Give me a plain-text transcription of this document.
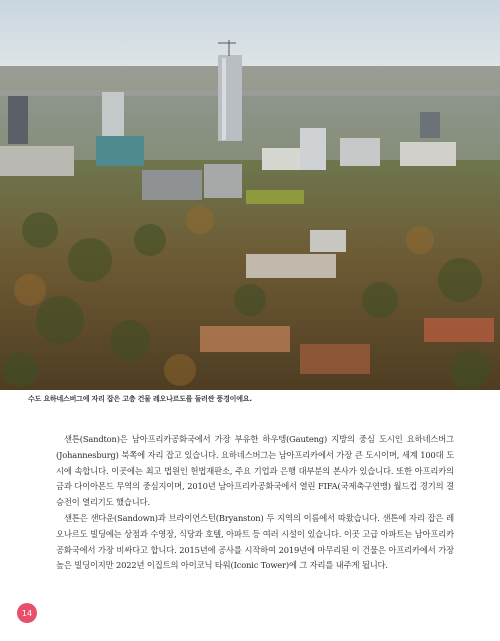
수도 요하네스버그에 자리 잡은 고층 건물 레오나르도를 둘러싼 풍경이에요.

샌튼(Sandton)은 남아프리카공화국에서 가장 부유한 하우텡(Gauteng) 지방의 중심 도시인 요하네스버그(Johannesburg) 북쪽에 자리 잡고 있습니다. 요하네스버그는 남아프리카에서 가장 큰 도시이며, 세계 100대 도시에 속합니다. 이곳에는 최고 법원인 헌법재판소, 주요 기업과 은행 대부분의 본사가 있습니다. 또한 아프리카의 금과 다이아몬드 무역의 중심지이며, 2010년 남아프리카공화국에서 열린 FIFA(국제축구연맹) 월드컵 경기의 결승전이 열리기도 했습니다.

샌튼은 샌다운(Sandown)과 브라이언스턴(Bryanston) 두 지역의 이름에서 따왔습니다. 샌튼에 자리 잡은 레오나르도 빌딩에는 상점과 수영장, 식당과 호텔, 아파트 등 여러 시설이 있습니다. 이곳 고급 아파트는 남아프리카공화국에서 가장 비싸다고 합니다. 2015년에 공사를 시작하여 2019년에 마무리된 이 건물은 아프리카에서 가장 높은 빌딩이지만 2022년 이집트의 아이코닉 타워(Iconic Tower)에 그 자리를 내주게 됩니다.

14
